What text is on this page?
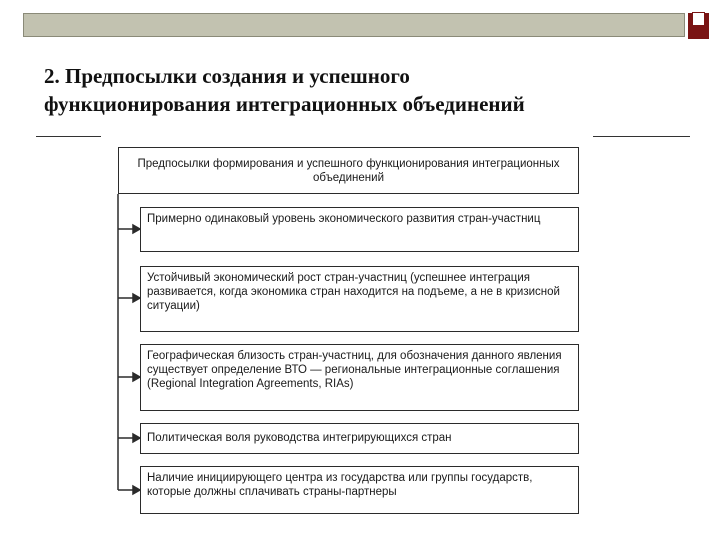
2. Предпосылки создания и успешного
функционирования интеграционных объединений
Предпосылки формирования и успешного функционирования интеграционных объединений
Примерно одинаковый уровень экономического развития стран-участниц
Устойчивый экономический рост стран-участниц (успешнее интеграция развивается, когда экономика стран находится на подъеме, а не в кризисной ситуации)
Географическая близость стран-участниц, для обозначения данного явления существует определение ВТО — региональные интеграционные соглашения (Regional Integration Agreements, RIAs)
Политическая воля руководства интегрирующихся стран
Наличие инициирующего центра из государства или группы государств, которые должны сплачивать страны-партнеры
